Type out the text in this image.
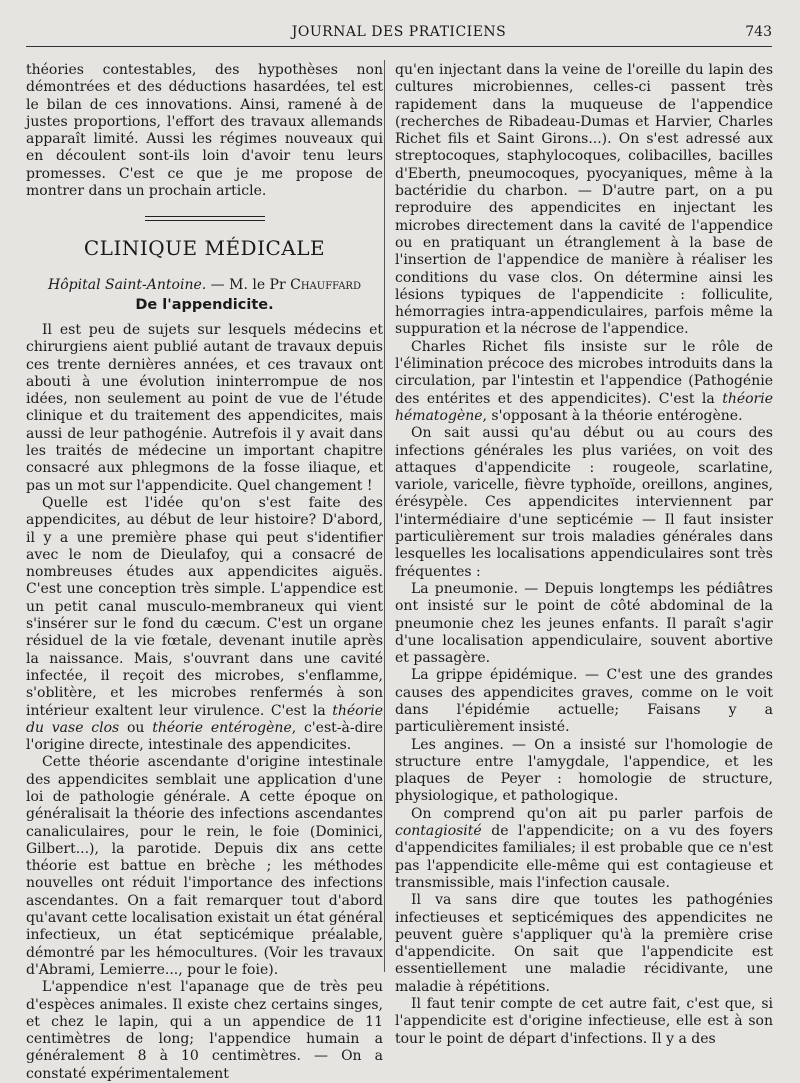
JOURNAL DES PRATICIENS	743

théories contestables, des hypothèses non démontrées et des déductions hasardées, tel est le bilan de ces innovations. Ainsi, ramené à de justes proportions, l'effort des travaux allemands apparaît limité. Aussi les régimes nouveaux qui en découlent sont-ils loin d'avoir tenu leurs promesses. C'est ce que je me propose de montrer dans un prochain article.

CLINIQUE MÉDICALE

Hôpital Saint-Antoine. — M. le Pr Chauffard

De l'appendicite.

Il est peu de sujets sur lesquels médecins et chirurgiens aient publié autant de travaux depuis ces trente dernières années, et ces travaux ont abouti à une évolution ininterrompue de nos idées, non seulement au point de vue de l'étude clinique et du traitement des appendicites, mais aussi de leur pathogénie. Autrefois il y avait dans les traités de médecine un important chapitre consacré aux phlegmons de la fosse iliaque, et pas un mot sur l'appendicite. Quel changement !

Quelle est l'idée qu'on s'est faite des appendicites, au début de leur histoire? D'abord, il y a une première phase qui peut s'identifier avec le nom de Dieulafoy, qui a consacré de nombreuses études aux appendicites aiguës. C'est une conception très simple. L'appendice est un petit canal musculo-membraneux qui vient s'insérer sur le fond du cæcum. C'est un organe résiduel de la vie fœtale, devenant inutile après la naissance. Mais, s'ouvrant dans une cavité infectée, il reçoit des microbes, s'enflamme, s'oblitère, et les microbes renfermés à son intérieur exaltent leur virulence. C'est la théorie du vase clos ou théorie entérogène, c'est-à-dire l'origine directe, intestinale des appendicites.

Cette théorie ascendante d'origine intestinale des appendicites semblait une application d'une loi de pathologie générale. A cette époque on généralisait la théorie des infections ascendantes canaliculaires, pour le rein, le foie (Dominici, Gilbert...), la parotide. Depuis dix ans cette théorie est battue en brèche ; les méthodes nouvelles ont réduit l'importance des infections ascendantes. On a fait remarquer tout d'abord qu'avant cette localisation existait un état général infectieux, un état septicémique préalable, démontré par les hémocultures. (Voir les travaux d'Abrami, Lemierre..., pour le foie).

L'appendice n'est l'apanage que de très peu d'espèces animales. Il existe chez certains singes, et chez le lapin, qui a un appendice de 11 centimètres de long; l'appendice humain a généralement 8 à 10 centimètres. — On a constaté expérimentalement

qu'en injectant dans la veine de l'oreille du lapin des cultures microbiennes, celles-ci passent très rapidement dans la muqueuse de l'appendice (recherches de Ribadeau-Dumas et Harvier, Charles Richet fils et Saint Girons...). On s'est adressé aux streptocoques, staphylocoques, colibacilles, bacilles d'Eberth, pneumocoques, pyocyaniques, même à la bactéridie du charbon. — D'autre part, on a pu reproduire des appendicites en injectant les microbes directement dans la cavité de l'appendice ou en pratiquant un étranglement à la base de l'insertion de l'appendice de manière à réaliser les conditions du vase clos. On détermine ainsi les lésions typiques de l'appendicite : folliculite, hémorragies intra-appendiculaires, parfois même la suppuration et la nécrose de l'appendice.

Charles Richet fils insiste sur le rôle de l'élimination précoce des microbes introduits dans la circulation, par l'intestin et l'appendice (Pathogénie des entérites et des appendicites). C'est la théorie hématogène, s'opposant à la théorie entérogène.

On sait aussi qu'au début ou au cours des infections générales les plus variées, on voit des attaques d'appendicite : rougeole, scarlatine, variole, varicelle, fièvre typhoïde, oreillons, angines, érésypèle. Ces appendicites interviennent par l'intermédiaire d'une septicémie — Il faut insister particulièrement sur trois maladies générales dans lesquelles les localisations appendiculaires sont très fréquentes :

La pneumonie. — Depuis longtemps les pédiâtres ont insisté sur le point de côté abdominal de la pneumonie chez les jeunes enfants. Il paraît s'agir d'une localisation appendiculaire, souvent abortive et passagère.

La grippe épidémique. — C'est une des grandes causes des appendicites graves, comme on le voit dans l'épidémie actuelle; Faisans y a particulièrement insisté.

Les angines. — On a insisté sur l'homologie de structure entre l'amygdale, l'appendice, et les plaques de Peyer : homologie de structure, physiologique, et pathologique.

On comprend qu'on ait pu parler parfois de contagiosité de l'appendicite; on a vu des foyers d'appendicites familiales; il est probable que ce n'est pas l'appendicite elle-même qui est contagieuse et transmissible, mais l'infection causale.

Il va sans dire que toutes les pathogénies infectieuses et septicémiques des appendicites ne peuvent guère s'appliquer qu'à la première crise d'appendicite. On sait que l'appendicite est essentiellement une maladie récidivante, une maladie à répétitions.

Il faut tenir compte de cet autre fait, c'est que, si l'appendicite est d'origine infectieuse, elle est à son tour le point de départ d'infections. Il y a des
